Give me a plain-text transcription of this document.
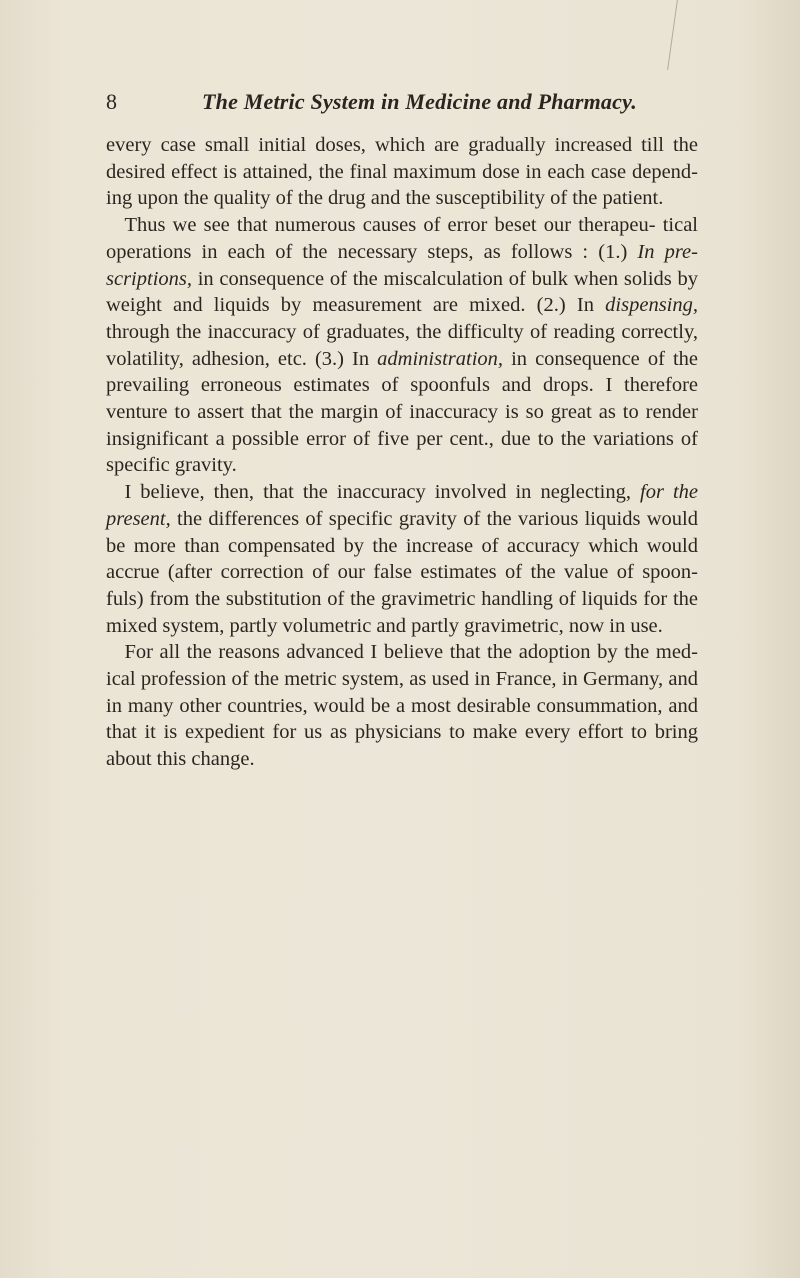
8	The Metric System in Medicine and Pharmacy.

every case small initial doses, which are gradually increased till the desired effect is attained, the final maximum dose in each case depend- ing upon the quality of the drug and the susceptibility of the patient.

Thus we see that numerous causes of error beset our therapeu- tical operations in each of the necessary steps, as follows : (1.) In pre- scriptions, in consequence of the miscalculation of bulk when solids by weight and liquids by measurement are mixed. (2.) In dispensing, through the inaccuracy of graduates, the difficulty of reading correctly, volatility, adhesion, etc. (3.) In administration, in consequence of the prevailing erroneous estimates of spoonfuls and drops. I therefore venture to assert that the margin of inaccuracy is so great as to render insignificant a possible error of five per cent., due to the variations of specific gravity.

I believe, then, that the inaccuracy involved in neglecting, for the present, the differences of specific gravity of the various liquids would be more than compensated by the increase of accuracy which would accrue (after correction of our false estimates of the value of spoon- fuls) from the substitution of the gravimetric handling of liquids for the mixed system, partly volumetric and partly gravimetric, now in use.

For all the reasons advanced I believe that the adoption by the med- ical profession of the metric system, as used in France, in Germany, and in many other countries, would be a most desirable consummation, and that it is expedient for us as physicians to make every effort to bring about this change.
